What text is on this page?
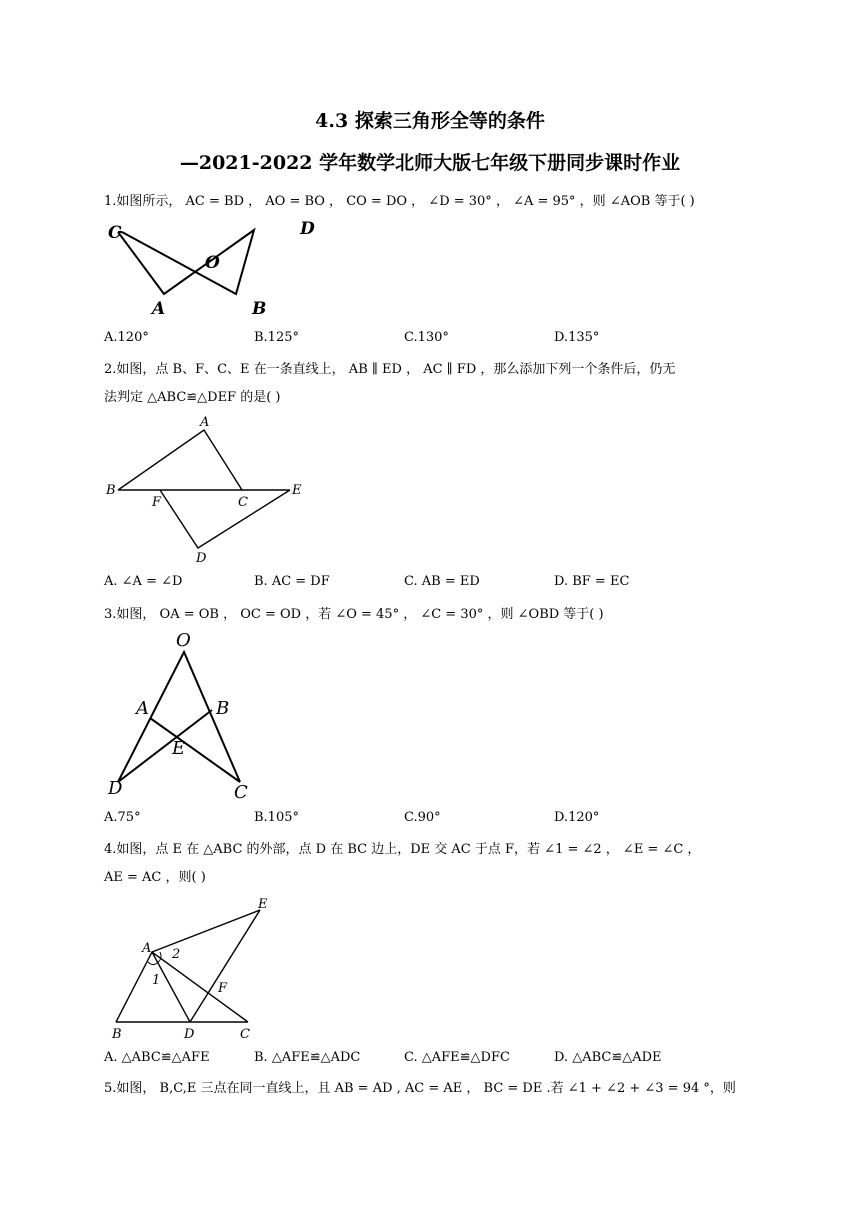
4.3 探索三角形全等的条件
—2021-2022 学年数学北师大版七年级下册同步课时作业
1.如图所示， AC = BD ， AO = BO ， CO = DO ， ∠D = 30° ， ∠A = 95° ，则 ∠AOB 等于( )
C	D
O
A	B
A.120°	B.125°	C.130°	D.135°
2.如图，点 B、F、C、E 在一条直线上， AB ∥ ED ， AC ∥ FD ，那么添加下列一个条件后，仍无
法判定 △ABC≌△DEF 的是( )
A
B
F	C
E
D
A. ∠A = ∠D	B. AC = DF	C. AB = ED	D. BF = EC
3.如图， OA = OB ， OC = OD ，若 ∠O = 45° ， ∠C = 30° ，则 ∠OBD 等于( )
O
A	B
E
D	C
A.75°	B.105°	C.90°	D.120°
4.如图，点 E 在 △ABC 的外部，点 D 在 BC 边上，DE 交 AC 于点 F，若 ∠1 = ∠2 ， ∠E = ∠C ，
AE = AC ，则( )
E
A 2
1
F
B	D	C
A. △ABC≌△AFE	B. △AFE≌△ADC	C. △AFE≌△DFC	D. △ABC≌△ADE
5.如图， B,C,E 三点在同一直线上，且 AB = AD , AC = AE ， BC = DE .若 ∠1 + ∠2 + ∠3 = 94 °，则
